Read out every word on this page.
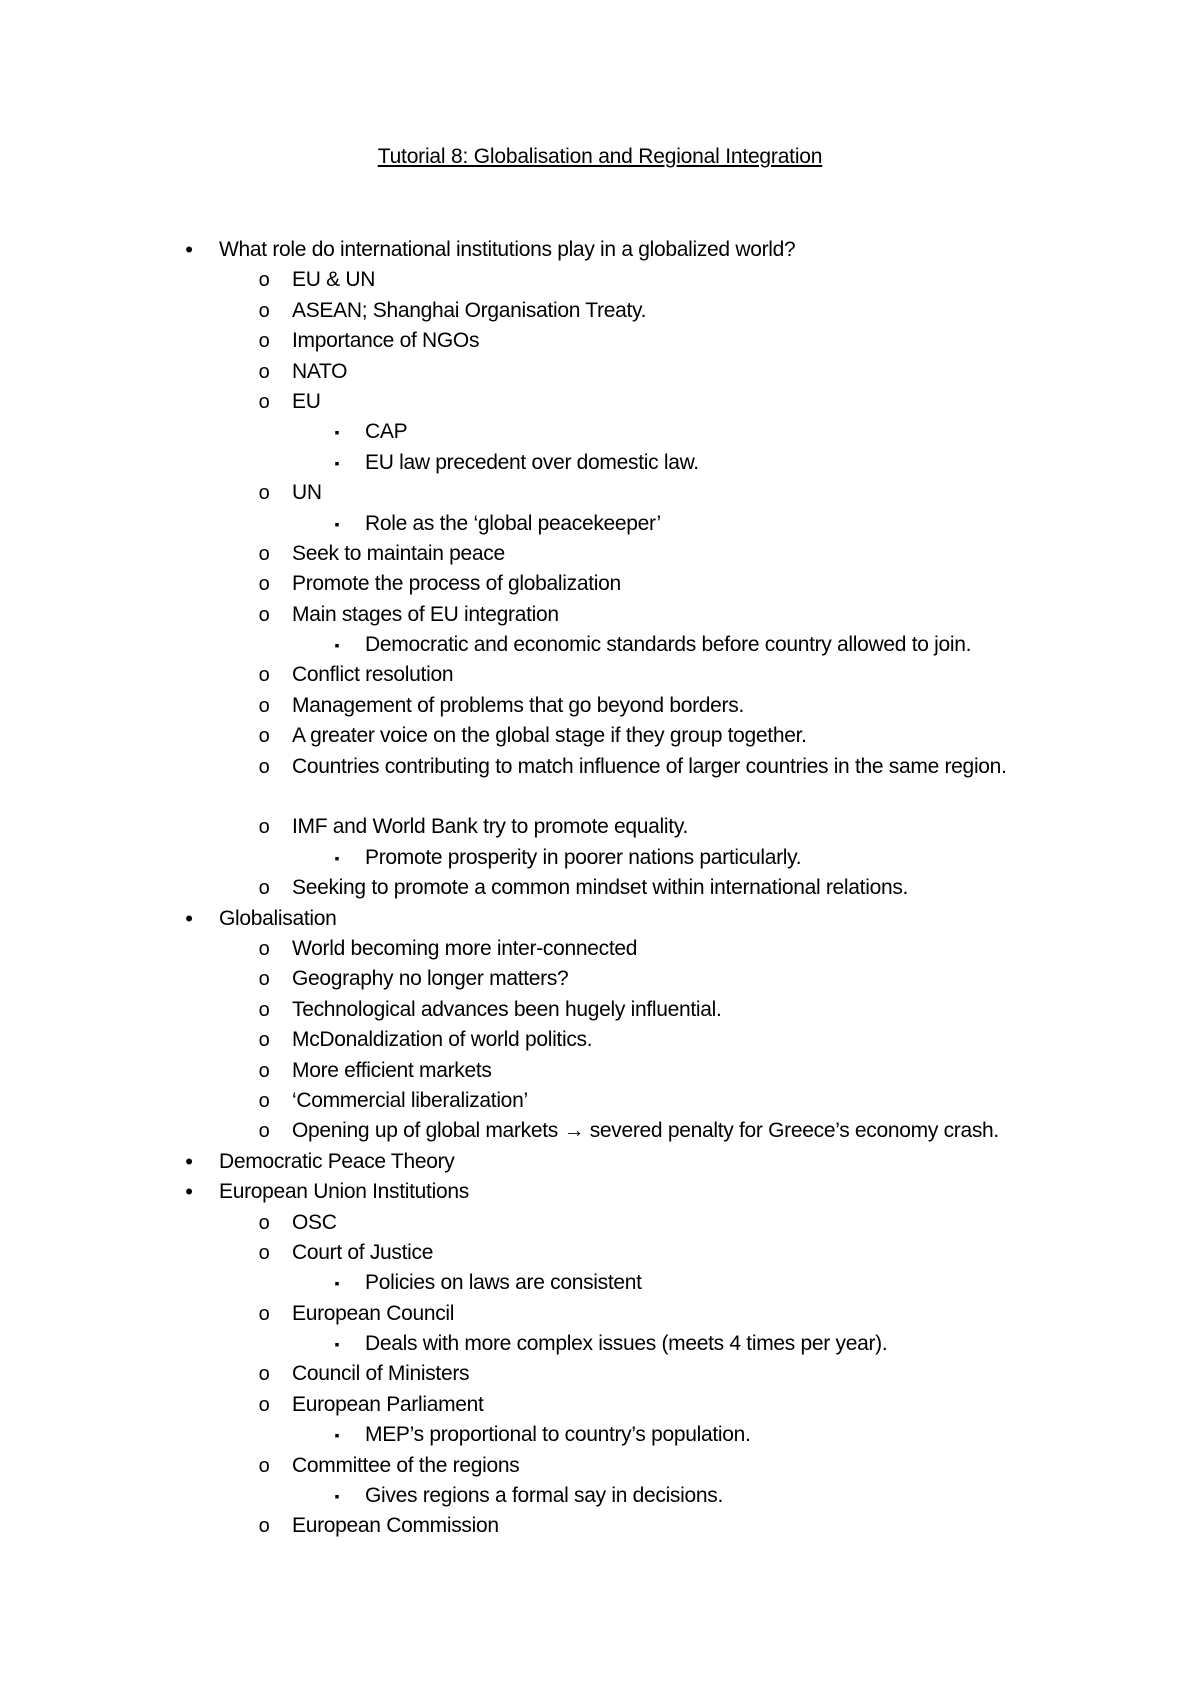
Tutorial 8: Globalisation and Regional Integration
•	What role do international institutions play in a globalized world?
o	EU & UN
o	ASEAN; Shanghai Organisation Treaty.
o	Importance of NGOs
o	NATO
o	EU
▪	CAP
▪	EU law precedent over domestic law.
o	UN
▪	Role as the ‘global peacekeeper’
o	Seek to maintain peace
o	Promote the process of globalization
o	Main stages of EU integration
▪	Democratic and economic standards before country allowed to join.
o	Conflict resolution
o	Management of problems that go beyond borders.
o	A greater voice on the global stage if they group together.
o	Countries contributing to match influence of larger countries in the same region.
o	IMF and World Bank try to promote equality.
▪	Promote prosperity in poorer nations particularly.
o	Seeking to promote a common mindset within international relations.
•	Globalisation
o	World becoming more inter-connected
o	Geography no longer matters?
o	Technological advances been hugely influential.
o	McDonaldization of world politics.
o	More efficient markets
o	‘Commercial liberalization’
o	Opening up of global markets → severed penalty for Greece’s economy crash.
•	Democratic Peace Theory
•	European Union Institutions
o	OSC
o	Court of Justice
▪	Policies on laws are consistent
o	European Council
▪	Deals with more complex issues (meets 4 times per year).
o	Council of Ministers
o	European Parliament
▪	MEP’s proportional to country’s population.
o	Committee of the regions
▪	Gives regions a formal say in decisions.
o	European Commission
